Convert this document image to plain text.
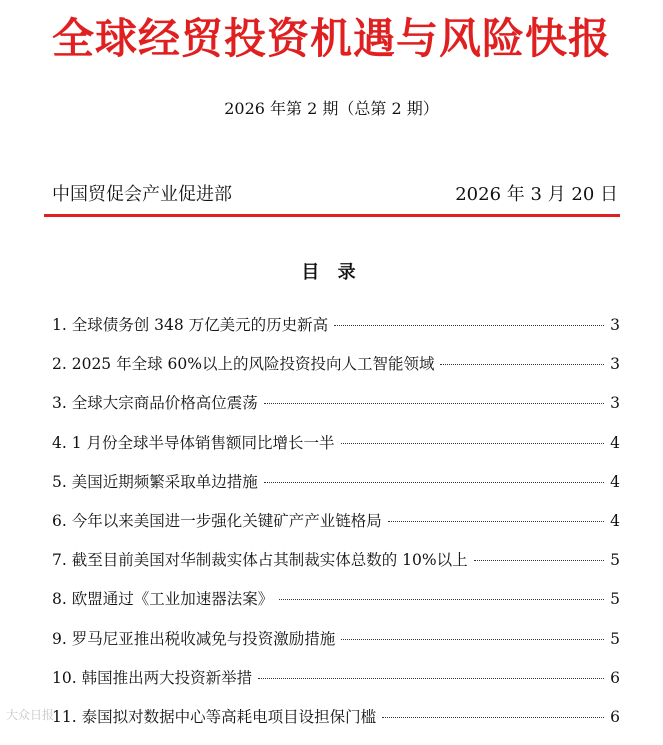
全球经贸投资机遇与风险快报
2026 年第 2 期（总第 2 期）
中国贸促会产业促进部	2026 年 3 月 20 日
目 录
1. 全球债务创 348 万亿美元的历史新高	3
2. 2025 年全球 60%以上的风险投资投向人工智能领域	3
3. 全球大宗商品价格高位震荡	3
4. 1 月份全球半导体销售额同比增长一半	4
5. 美国近期频繁采取单边措施	4
6. 今年以来美国进一步强化关键矿产产业链格局	4
7. 截至目前美国对华制裁实体占其制裁实体总数的 10%以上	5
8. 欧盟通过《工业加速器法案》	5
9. 罗马尼亚推出税收减免与投资激励措施	5
10. 韩国推出两大投资新举措	6
11. 泰国拟对数据中心等高耗电项目设担保门槛	6
大众日报
